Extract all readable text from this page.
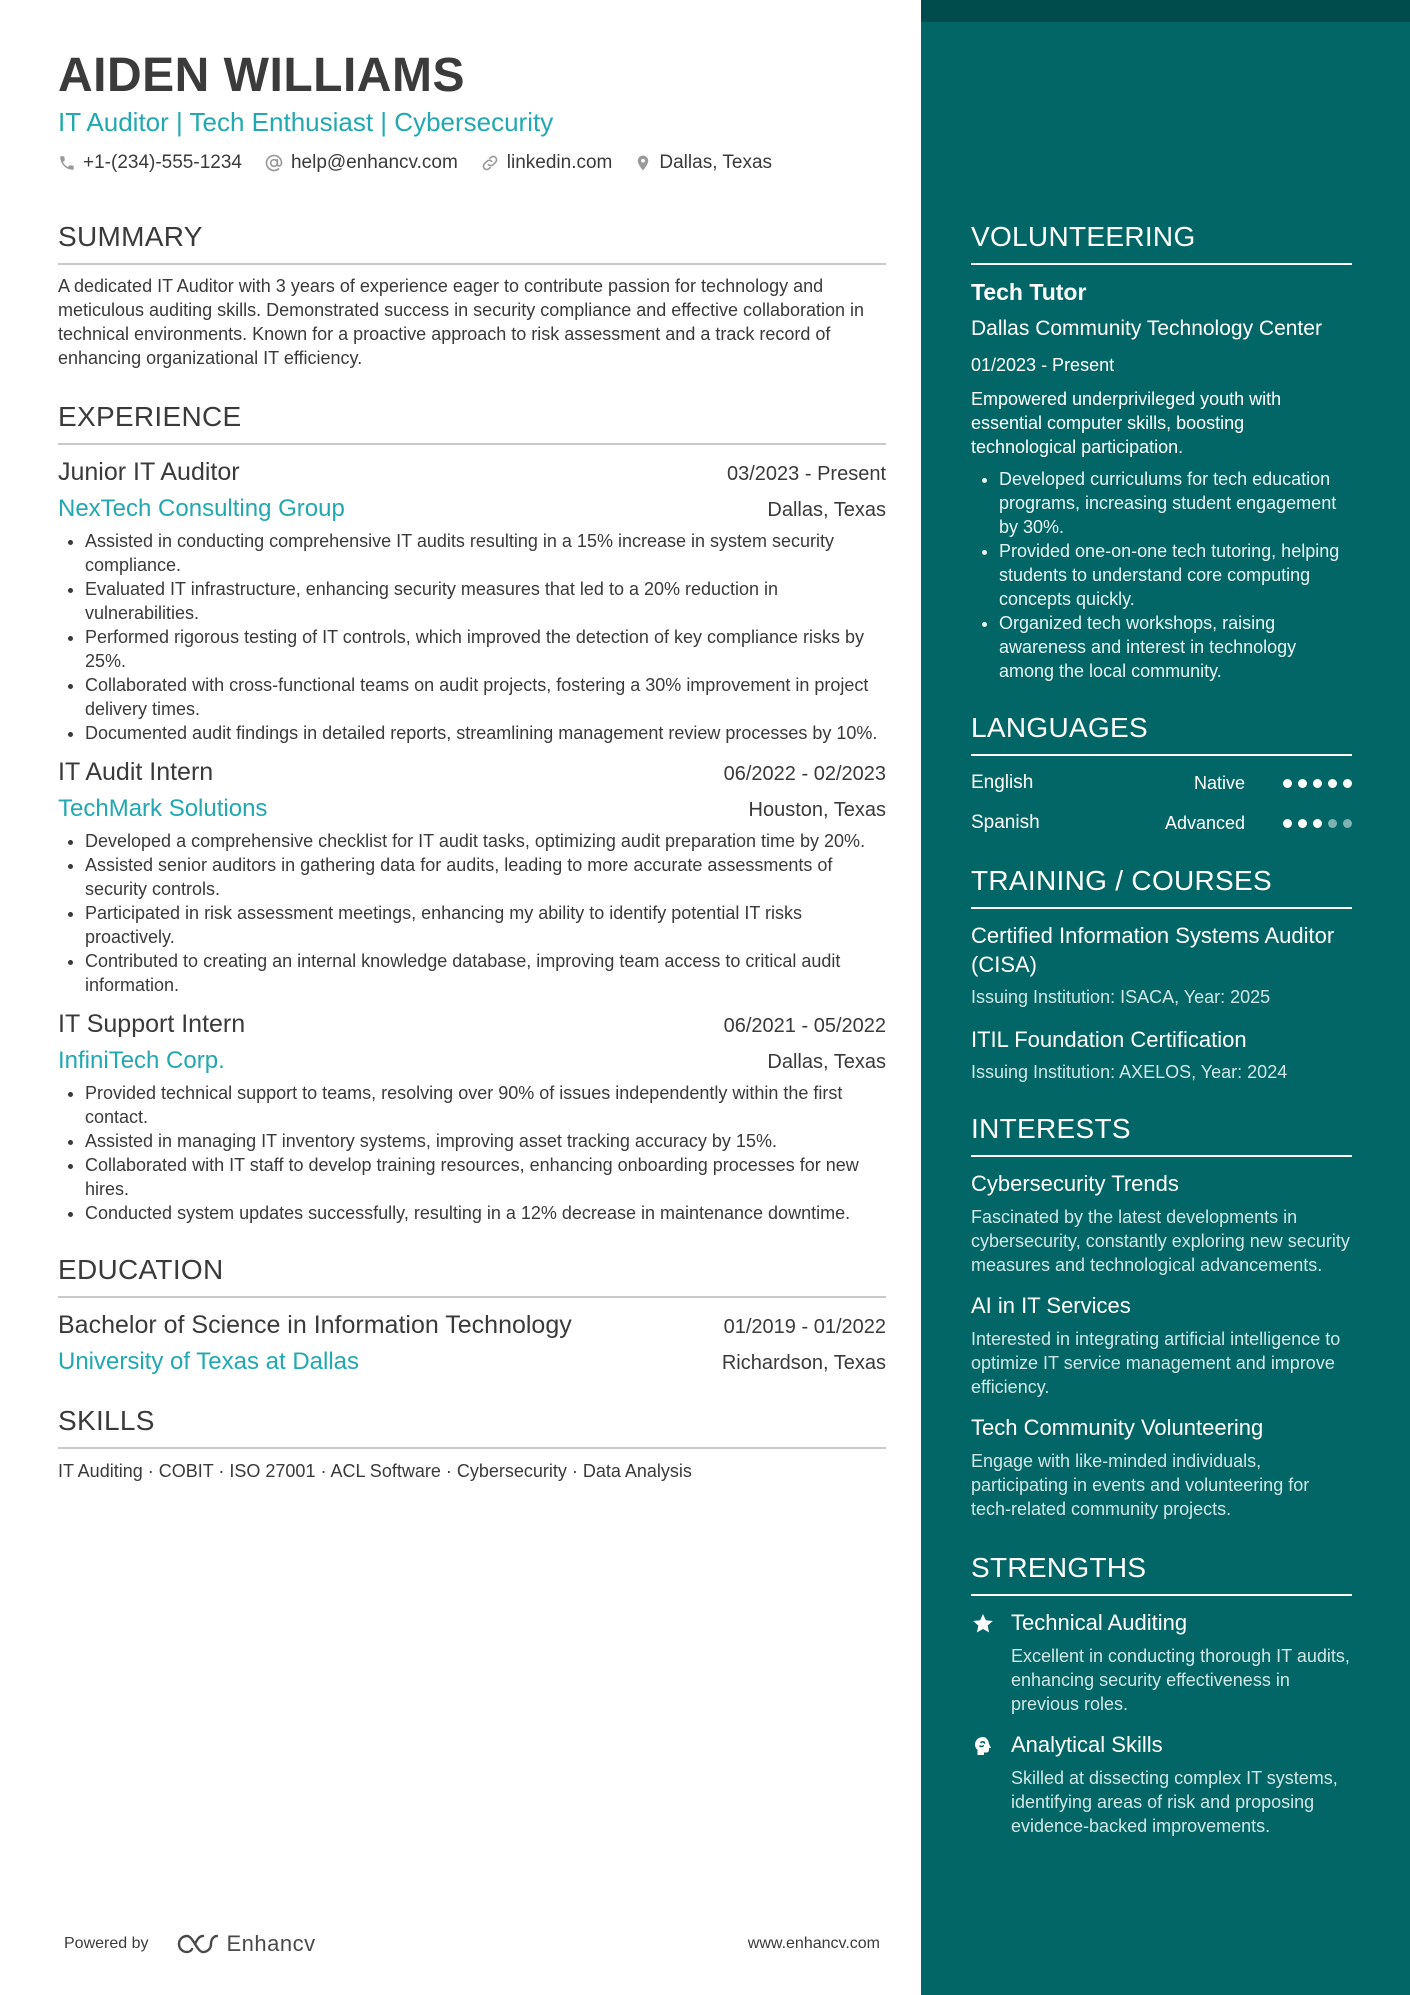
AIDEN WILLIAMS
IT Auditor | Tech Enthusiast | Cybersecurity
+1-(234)-555-1234	help@enhancv.com	linkedin.com Dallas, Texas
SUMMARY
A dedicated IT Auditor with 3 years of experience eager to contribute passion for technology and meticulous auditing skills. Demonstrated success in security compliance and effective collaboration in technical environments. Known for a proactive approach to risk assessment and a track record of enhancing organizational IT efficiency.
EXPERIENCE
Junior IT Auditor	03/2023 - Present
NexTech Consulting Group	Dallas, Texas
• Assisted in conducting comprehensive IT audits resulting in a 15% increase in system security compliance.
• Evaluated IT infrastructure, enhancing security measures that led to a 20% reduction in vulnerabilities.
• Performed rigorous testing of IT controls, which improved the detection of key compliance risks by 25%.
• Collaborated with cross-functional teams on audit projects, fostering a 30% improvement in project delivery times.
• Documented audit findings in detailed reports, streamlining management review processes by 10%.
IT Audit Intern	06/2022 - 02/2023
TechMark Solutions	Houston, Texas
• Developed a comprehensive checklist for IT audit tasks, optimizing audit preparation time by 20%.
• Assisted senior auditors in gathering data for audits, leading to more accurate assessments of security controls.
• Participated in risk assessment meetings, enhancing my ability to identify potential IT risks proactively.
• Contributed to creating an internal knowledge database, improving team access to critical audit information.
IT Support Intern	06/2021 - 05/2022
InfiniTech Corp.	Dallas, Texas
• Provided technical support to teams, resolving over 90% of issues independently within the first contact.
• Assisted in managing IT inventory systems, improving asset tracking accuracy by 15%.
• Collaborated with IT staff to develop training resources, enhancing onboarding processes for new hires.
• Conducted system updates successfully, resulting in a 12% decrease in maintenance downtime.
EDUCATION
Bachelor of Science in Information Technology	01/2019 - 01/2022
University of Texas at Dallas	Richardson, Texas
SKILLS
IT Auditing · COBIT · ISO 27001 · ACL Software · Cybersecurity · Data Analysis
Powered by	Enhancv	www.enhancv.com
VOLUNTEERING
Tech Tutor
Dallas Community Technology Center
01/2023 - Present
Empowered underprivileged youth with essential computer skills, boosting technological participation.
• Developed curriculums for tech education programs, increasing student engagement by 30%.
• Provided one-on-one tech tutoring, helping students to understand core computing concepts quickly.
• Organized tech workshops, raising awareness and interest in technology among the local community.
LANGUAGES
English	Native
Spanish	Advanced
TRAINING / COURSES
Certified Information Systems Auditor (CISA)
Issuing Institution: ISACA, Year: 2025
ITIL Foundation Certification
Issuing Institution: AXELOS, Year: 2024
INTERESTS
Cybersecurity Trends
Fascinated by the latest developments in cybersecurity, constantly exploring new security measures and technological advancements.
AI in IT Services
Interested in integrating artificial intelligence to optimize IT service management and improve efficiency.
Tech Community Volunteering
Engage with like-minded individuals, participating in events and volunteering for tech-related community projects.
STRENGTHS
Technical Auditing
Excellent in conducting thorough IT audits, enhancing security effectiveness in previous roles.
Analytical Skills
Skilled at dissecting complex IT systems, identifying areas of risk and proposing evidence-backed improvements.
